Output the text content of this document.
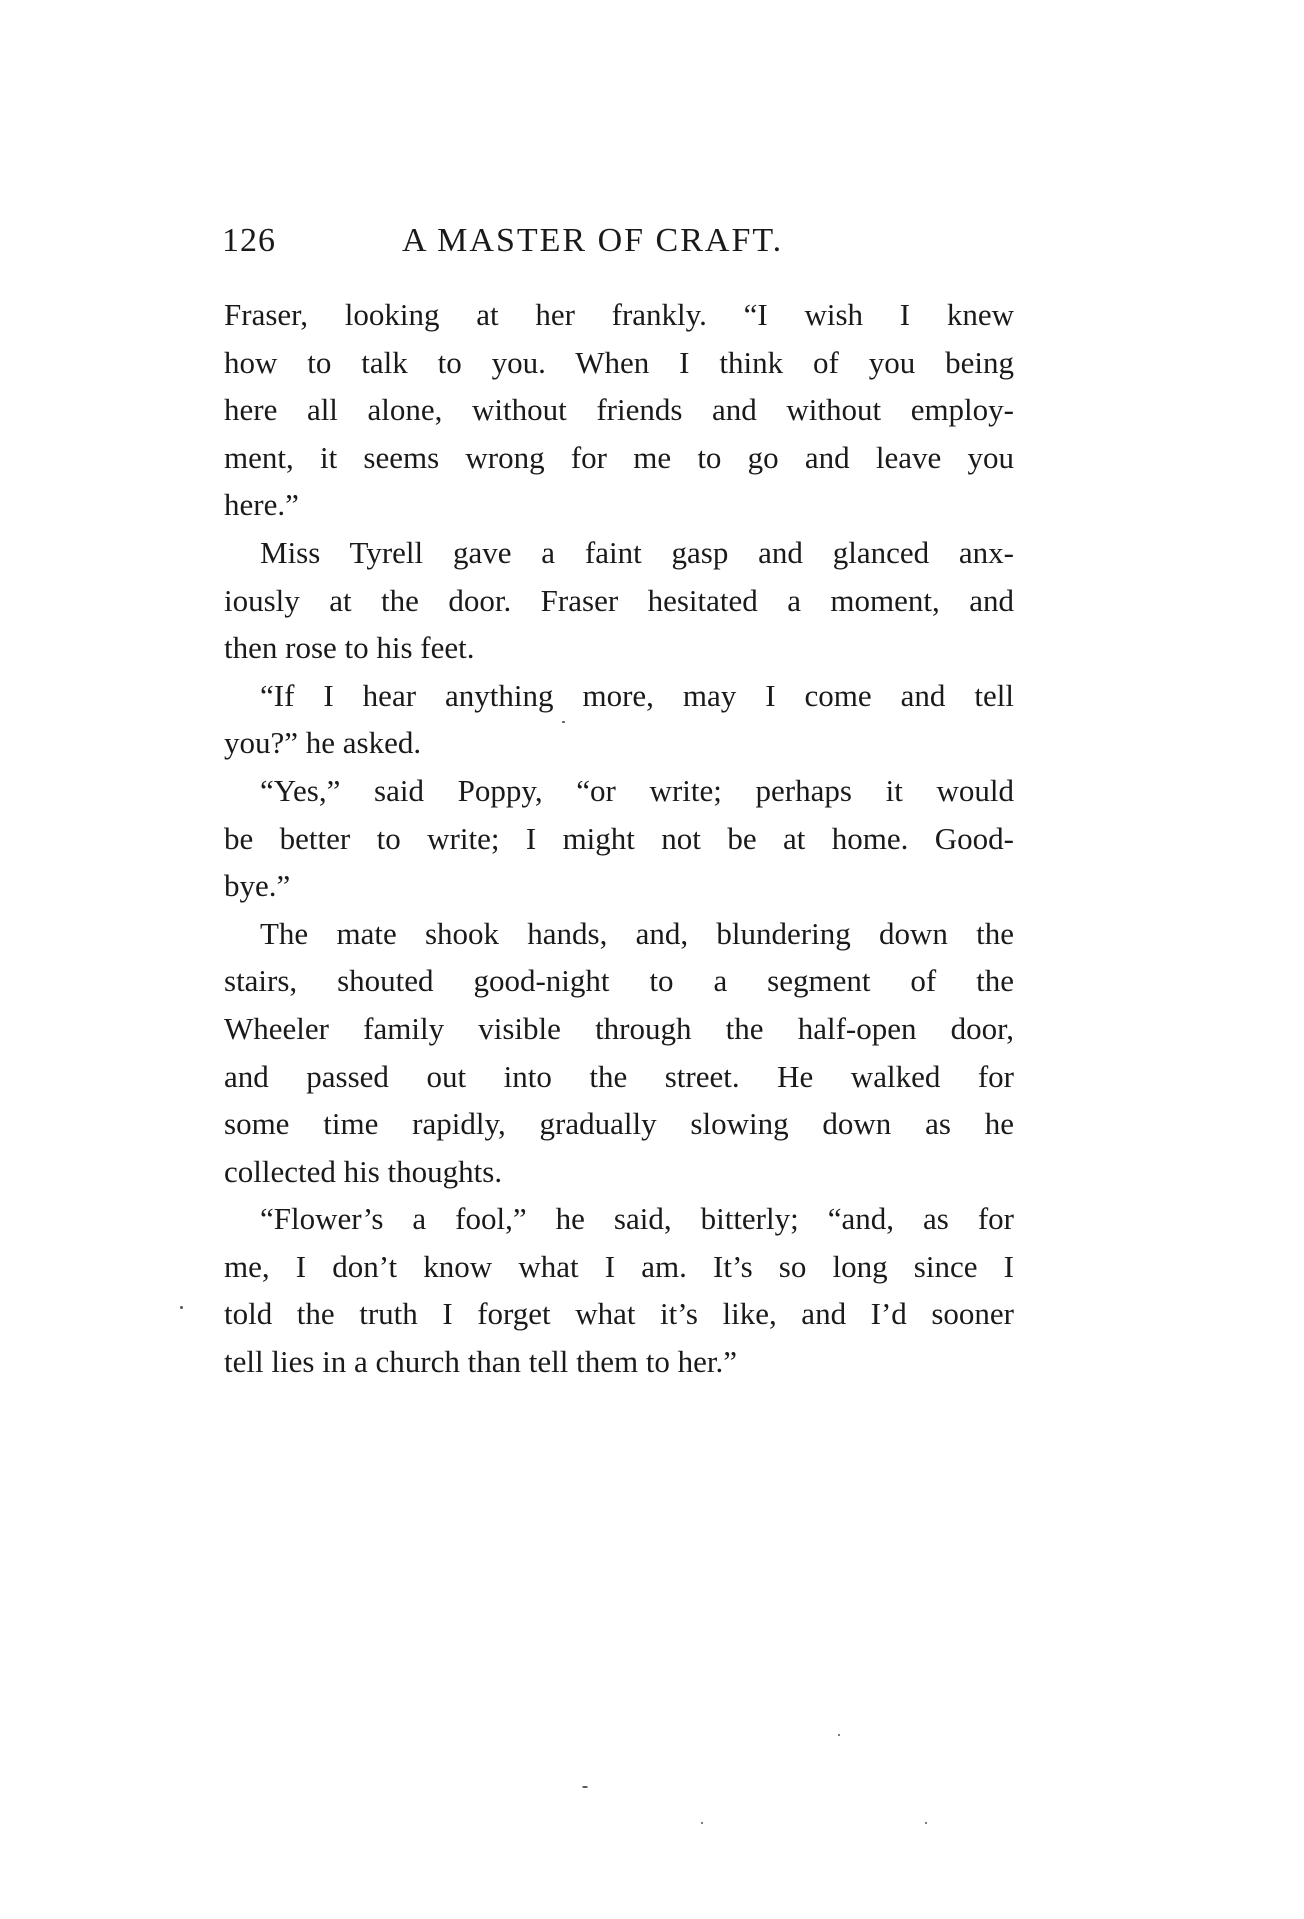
126	A MASTER OF CRAFT.
Fraser, looking at her frankly. “I wish I knew
how to talk to you. When I think of you being
here all alone, without friends and without employ-
ment, it seems wrong for me to go and leave you
here.”
Miss Tyrell gave a faint gasp and glanced anx-
iously at the door. Fraser hesitated a moment, and
then rose to his feet.
“If I hear anything more, may I come and tell
you?” he asked.
“Yes,” said Poppy, “or write; perhaps it would
be better to write; I might not be at home. Good-
bye.”
The mate shook hands, and, blundering down the
stairs, shouted good-night to a segment of the
Wheeler family visible through the half-open door,
and passed out into the street. He walked for
some time rapidly, gradually slowing down as he
collected his thoughts.
“Flower’s a fool,” he said, bitterly; “and, as for
me, I don’t know what I am. It’s so long since I
told the truth I forget what it’s like, and I’d sooner
tell lies in a church than tell them to her.”
